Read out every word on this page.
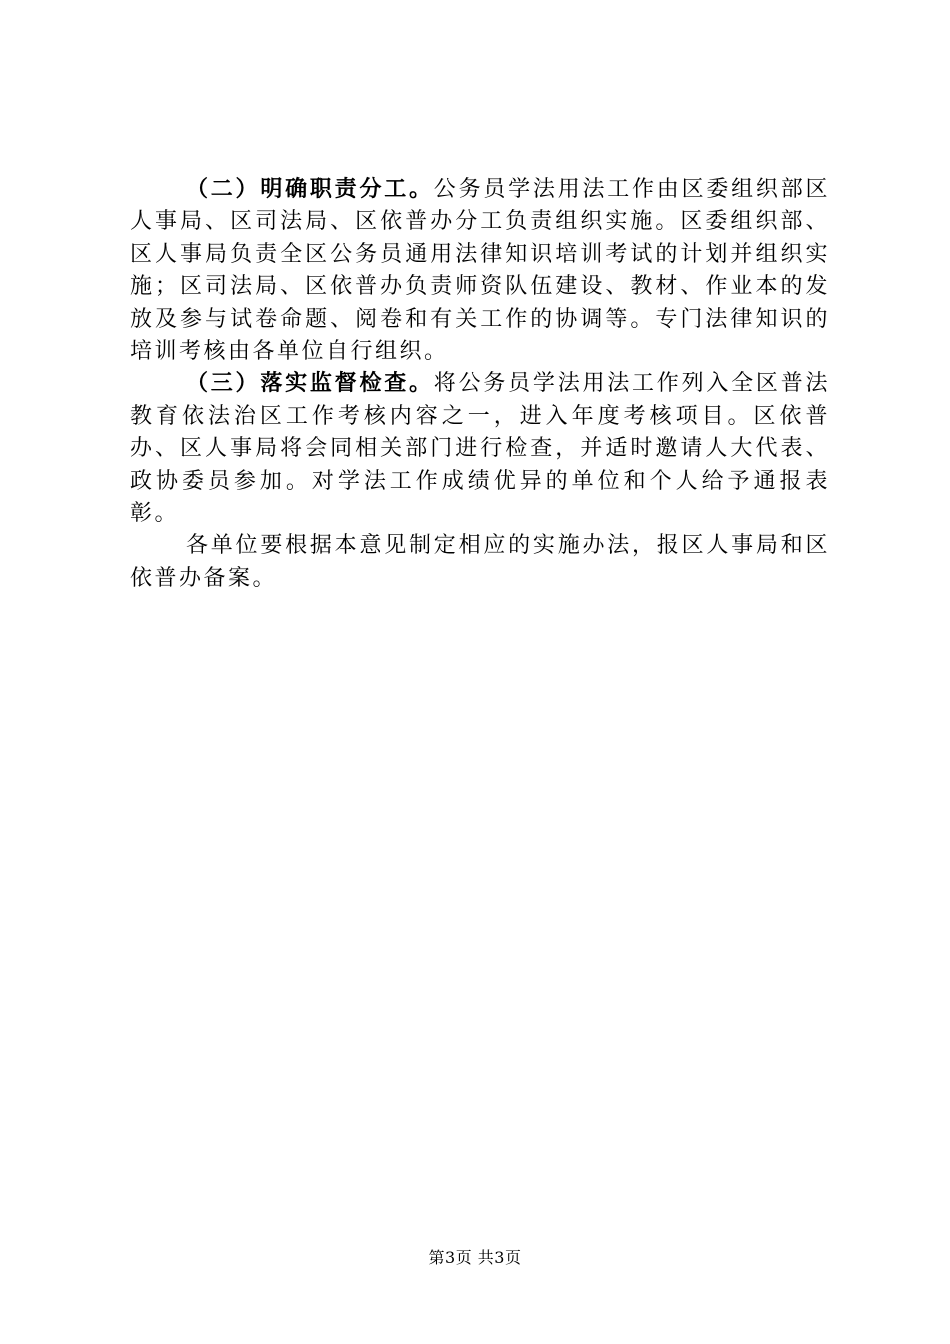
（二）明确职责分工。公务员学法用法工作由区委组织部区人事局、区司法局、区依普办分工负责组织实施。区委组织部、区人事局负责全区公务员通用法律知识培训考试的计划并组织实施；区司法局、区依普办负责师资队伍建设、教材、作业本的发放及参与试卷命题、阅卷和有关工作的协调等。专门法律知识的培训考核由各单位自行组织。

（三）落实监督检查。将公务员学法用法工作列入全区普法教育依法治区工作考核内容之一，进入年度考核项目。区依普办、区人事局将会同相关部门进行检查，并适时邀请人大代表、政协委员参加。对学法工作成绩优异的单位和个人给予通报表彰。

各单位要根据本意见制定相应的实施办法，报区人事局和区依普办备案。

第3页 共3页
